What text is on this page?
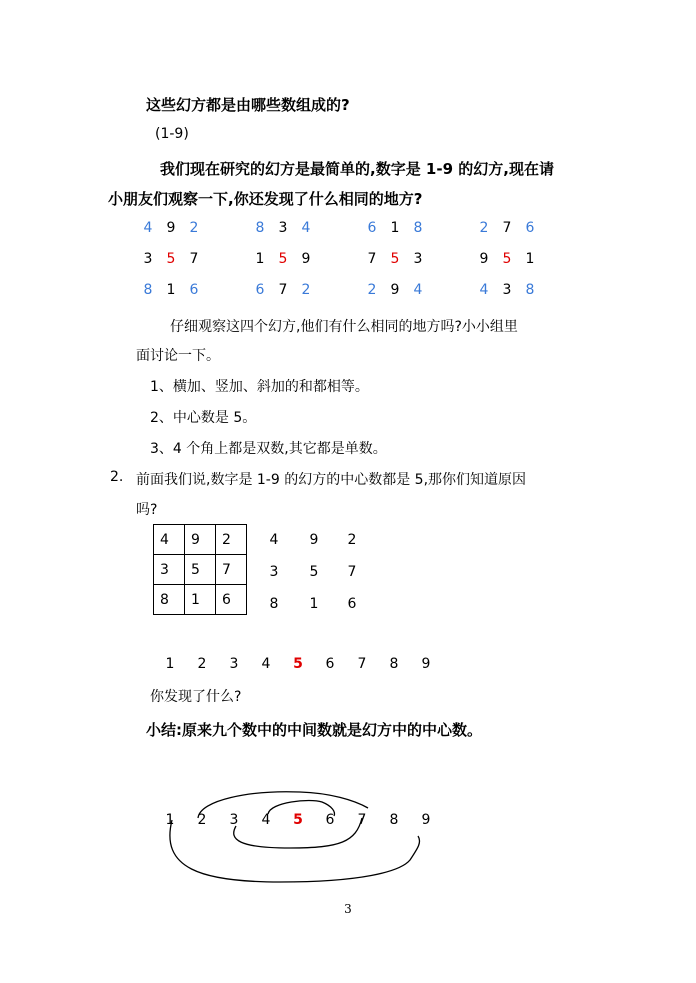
这些幻方都是由哪些数组成的?
(1-9)
我们现在研究的幻方是最简单的,数字是 1-9 的幻方,现在请
小朋友们观察一下,你还发现了什么相同的地方?
4 9 2
3 5 7
8 1 6
8 3 4
1 5 9
6 7 2
6 1 8
7 5 3
2 9 4
2 7 6
9 5 1
4 3 8
仔细观察这四个幻方,他们有什么相同的地方吗?小小组里
面讨论一下。
1、横加、竖加、斜加的和都相等。
2、中心数是 5。
3、4 个角上都是双数,其它都是单数。
2. 前面我们说,数字是 1-9 的幻方的中心数都是 5,那你们知道原因
吗?
4	9	2
3	5	7
8	1	6
4 9 2
3 5 7
8 1 6
1 2 3 4 5 6 7 8 9
你发现了什么?
小结:原来九个数中的中间数就是幻方中的中心数。
1 2 3 4 5 6 7 8 9
3
